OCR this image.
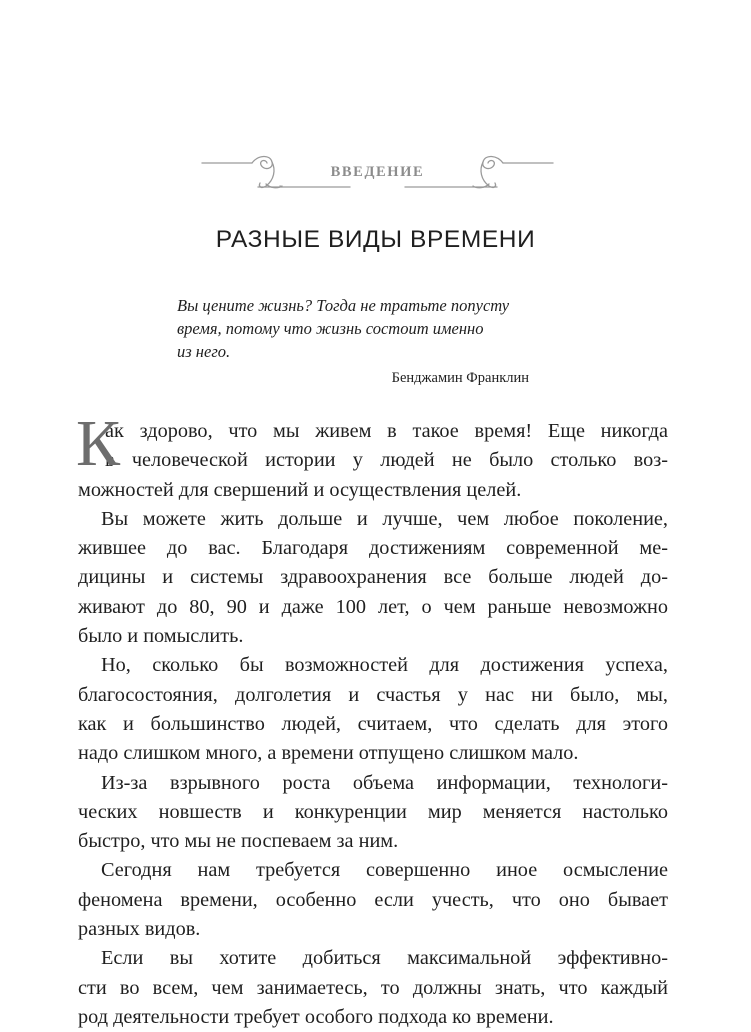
ВВЕДЕНИЕ
РАЗНЫЕ ВИДЫ ВРЕМЕНИ
Вы цените жизнь? Тогда не тратьте попусту
время, потому что жизнь состоит именно
из него.
Бенджамин Франклин
К
ак здорово, что мы живем в такое время! Еще никогда
в человеческой истории у людей не было столько воз-
можностей для свершений и осуществления целей.
Вы можете жить дольше и лучше, чем любое поколение,
жившее до вас. Благодаря достижениям современной ме-
дицины и системы здравоохранения все больше людей до-
живают до 80, 90 и даже 100 лет, о чем раньше невозможно
было и помыслить.
Но, сколько бы возможностей для достижения успеха,
благосостояния, долголетия и счастья у нас ни было, мы,
как и большинство людей, считаем, что сделать для этого
надо слишком много, а времени отпущено слишком мало.
Из-за взрывного роста объема информации, технологи-
ческих новшеств и конкуренции мир меняется настолько
быстро, что мы не поспеваем за ним.
Сегодня нам требуется совершенно иное осмысление
феномена времени, особенно если учесть, что оно бывает
разных видов.
Если вы хотите добиться максимальной эффективно-
сти во всем, чем занимаетесь, то должны знать, что каждый
род деятельности требует особого подхода ко времени.
